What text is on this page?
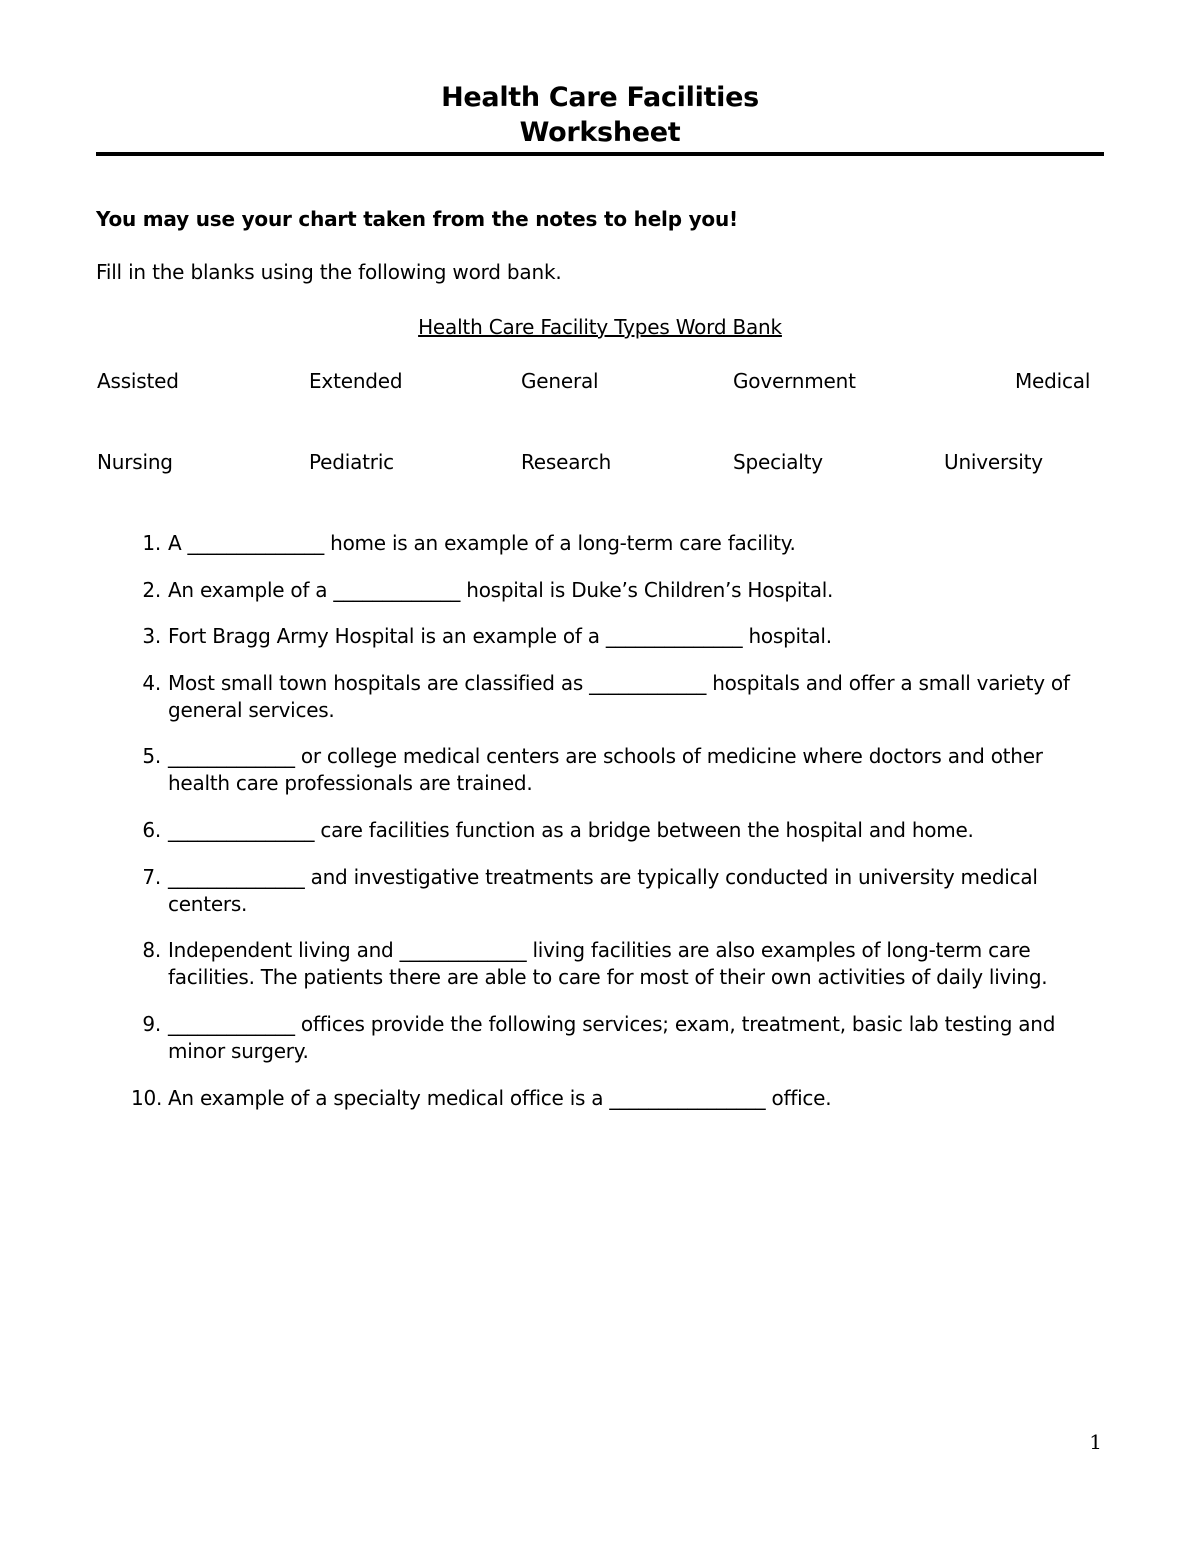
Health Care Facilities
Worksheet
You may use your chart taken from the notes to help you!
Fill in the blanks using the following word bank.
Health Care Facility Types Word Bank
Assisted	Extended	General	Government	Medical
Nursing	Pediatric	Research	Specialty	University
1. A ______________ home is an example of a long-term care facility.
2. An example of a _____________ hospital is Duke’s Children’s Hospital.
3. Fort Bragg Army Hospital is an example of a ______________ hospital.
4. Most small town hospitals are classified as ____________ hospitals and offer a small variety of general services.
5. _____________ or college medical centers are schools of medicine where doctors and other health care professionals are trained.
6. _______________ care facilities function as a bridge between the hospital and home.
7. ______________ and investigative treatments are typically conducted in university medical centers.
8. Independent living and _____________ living facilities are also examples of long-term care facilities. The patients there are able to care for most of their own activities of daily living.
9. _____________ offices provide the following services; exam, treatment, basic lab testing and minor surgery.
10. An example of a specialty medical office is a ________________ office.
1
